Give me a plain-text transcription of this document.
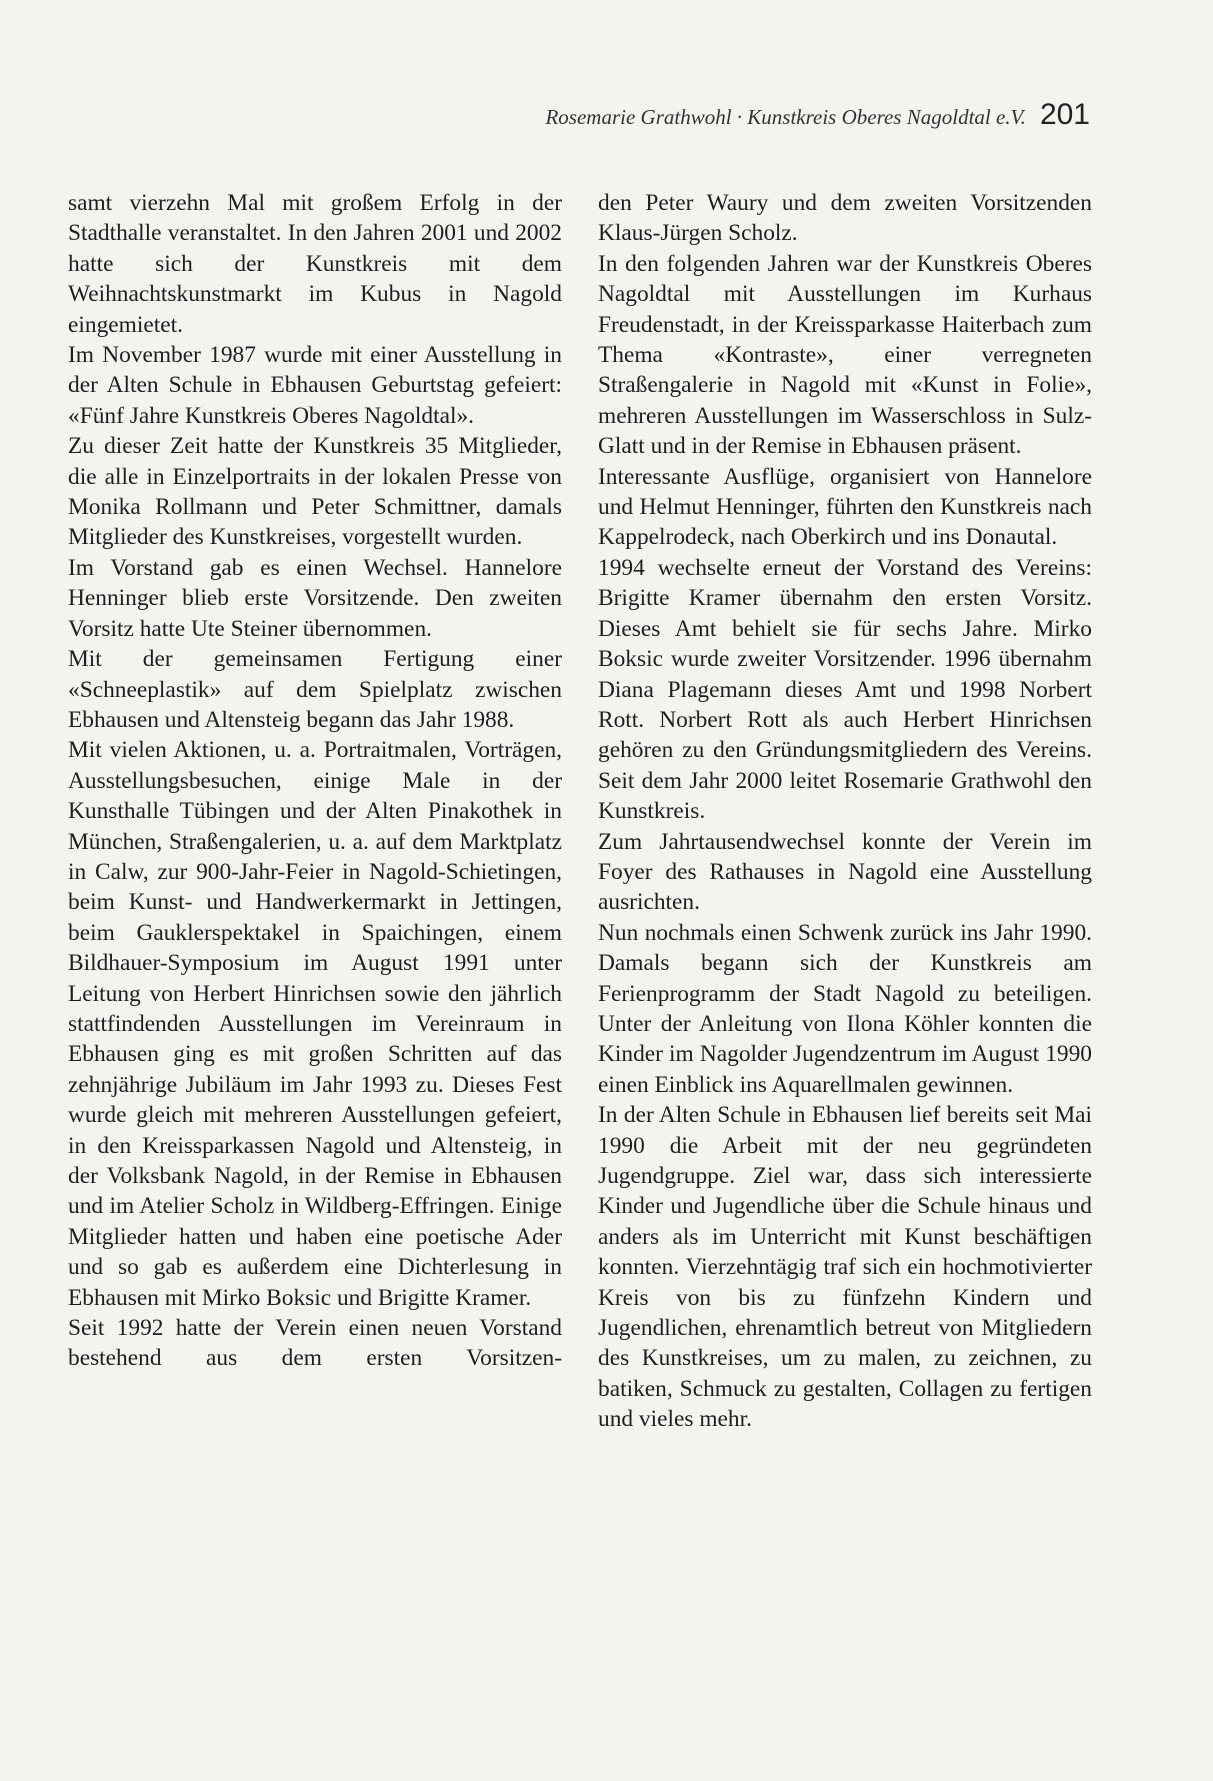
Rosemarie Grathwohl · Kunstkreis Oberes Nagoldtal e.V. 201

samt vierzehn Mal mit großem Erfolg in der Stadthalle veranstaltet. In den Jahren 2001 und 2002 hatte sich der Kunstkreis mit dem Weihnachtskunstmarkt im Kubus in Nagold eingemietet.

Im November 1987 wurde mit einer Ausstellung in der Alten Schule in Ebhausen Geburtstag gefeiert: «Fünf Jahre Kunstkreis Oberes Nagoldtal».

Zu dieser Zeit hatte der Kunstkreis 35 Mitglieder, die alle in Einzelportraits in der lokalen Presse von Monika Rollmann und Peter Schmittner, damals Mitglieder des Kunstkreises, vorgestellt wurden.

Im Vorstand gab es einen Wechsel. Hannelore Henninger blieb erste Vorsitzende. Den zweiten Vorsitz hatte Ute Steiner übernommen.

Mit der gemeinsamen Fertigung einer «Schneeplastik» auf dem Spielplatz zwischen Ebhausen und Altensteig begann das Jahr 1988.

Mit vielen Aktionen, u. a. Portraitmalen, Vorträgen, Ausstellungsbesuchen, einige Male in der Kunsthalle Tübingen und der Alten Pinakothek in München, Straßengalerien, u. a. auf dem Marktplatz in Calw, zur 900-Jahr-Feier in Nagold-Schietingen, beim Kunst- und Handwerkermarkt in Jettingen, beim Gauklerspektakel in Spaichingen, einem Bildhauer-Symposium im August 1991 unter Leitung von Herbert Hinrichsen sowie den jährlich stattfindenden Ausstellungen im Vereinraum in Ebhausen ging es mit großen Schritten auf das zehnjährige Jubiläum im Jahr 1993 zu. Dieses Fest wurde gleich mit mehreren Ausstellungen gefeiert, in den Kreissparkassen Nagold und Altensteig, in der Volksbank Nagold, in der Remise in Ebhausen und im Atelier Scholz in Wildberg-Effringen. Einige Mitglieder hatten und haben eine poetische Ader und so gab es außerdem eine Dichterlesung in Ebhausen mit Mirko Boksic und Brigitte Kramer.

Seit 1992 hatte der Verein einen neuen Vorstand bestehend aus dem ersten Vorsitzen-

den Peter Waury und dem zweiten Vorsitzenden Klaus-Jürgen Scholz.

In den folgenden Jahren war der Kunstkreis Oberes Nagoldtal mit Ausstellungen im Kurhaus Freudenstadt, in der Kreissparkasse Haiterbach zum Thema «Kontraste», einer verregneten Straßengalerie in Nagold mit «Kunst in Folie», mehreren Ausstellungen im Wasserschloss in Sulz-Glatt und in der Remise in Ebhausen präsent.

Interessante Ausflüge, organisiert von Hannelore und Helmut Henninger, führten den Kunstkreis nach Kappelrodeck, nach Oberkirch und ins Donautal.

1994 wechselte erneut der Vorstand des Vereins: Brigitte Kramer übernahm den ersten Vorsitz. Dieses Amt behielt sie für sechs Jahre. Mirko Boksic wurde zweiter Vorsitzender. 1996 übernahm Diana Plagemann dieses Amt und 1998 Norbert Rott. Norbert Rott als auch Herbert Hinrichsen gehören zu den Gründungsmitgliedern des Vereins. Seit dem Jahr 2000 leitet Rosemarie Grathwohl den Kunstkreis.

Zum Jahrtausendwechsel konnte der Verein im Foyer des Rathauses in Nagold eine Ausstellung ausrichten.

Nun nochmals einen Schwenk zurück ins Jahr 1990. Damals begann sich der Kunstkreis am Ferienprogramm der Stadt Nagold zu beteiligen. Unter der Anleitung von Ilona Köhler konnten die Kinder im Nagolder Jugendzentrum im August 1990 einen Einblick ins Aquarellmalen gewinnen.

In der Alten Schule in Ebhausen lief bereits seit Mai 1990 die Arbeit mit der neu gegründeten Jugendgruppe. Ziel war, dass sich interessierte Kinder und Jugendliche über die Schule hinaus und anders als im Unterricht mit Kunst beschäftigen konnten. Vierzehntägig traf sich ein hochmotivierter Kreis von bis zu fünfzehn Kindern und Jugendlichen, ehrenamtlich betreut von Mitgliedern des Kunstkreises, um zu malen, zu zeichnen, zu batiken, Schmuck zu gestalten, Collagen zu fertigen und vieles mehr.
